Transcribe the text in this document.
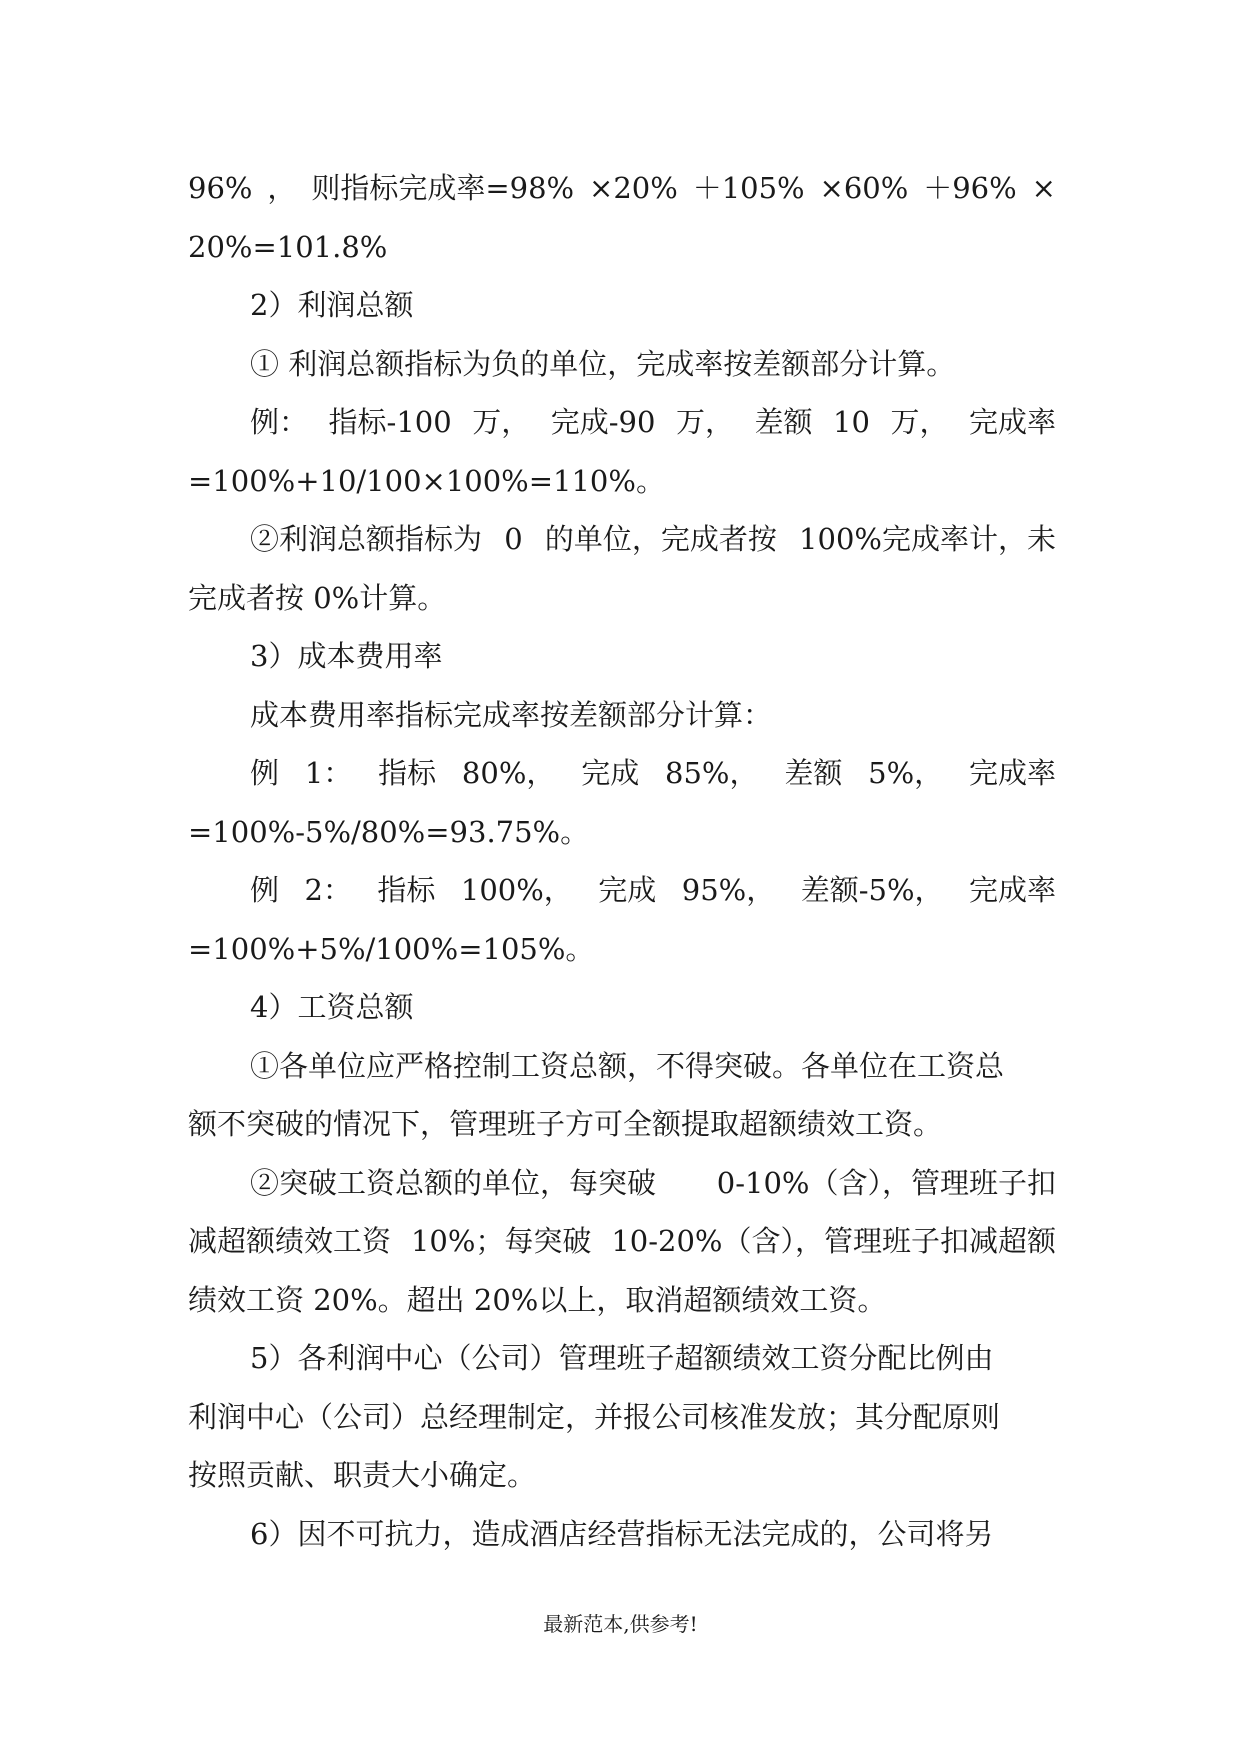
96% ， 则指标完成率=98% ×20% ＋105% ×60% ＋96% ×
20%=101.8%
2）利润总额
① 利润总额指标为负的单位，完成率按差额部分计算。
例： 指标-100 万， 完成-90 万， 差额 10 万， 完成率
=100%+10/100×100%=110%。
②利润总额指标为 0 的单位，完成者按 100%完成率计，未
完成者按 0%计算。
3）成本费用率
成本费用率指标完成率按差额部分计算：
例 1： 指标 80%， 完成 85%， 差额 5%， 完成率
=100%-5%/80%=93.75%。
例 2： 指标 100%， 完成 95%， 差额-5%， 完成率
=100%+5%/100%=105%。
4）工资总额
①各单位应严格控制工资总额，不得突破。各单位在工资总
额不突破的情况下，管理班子方可全额提取超额绩效工资。
②突破工资总额的单位，每突破 0-10%（含），管理班子扣
减超额绩效工资 10%；每突破 10-20%（含），管理班子扣减超额
绩效工资 20%。超出 20%以上，取消超额绩效工资。
5）各利润中心（公司）管理班子超额绩效工资分配比例由
利润中心（公司）总经理制定，并报公司核准发放；其分配原则
按照贡献、职责大小确定。
6）因不可抗力，造成酒店经营指标无法完成的，公司将另
最新范本,供参考!
